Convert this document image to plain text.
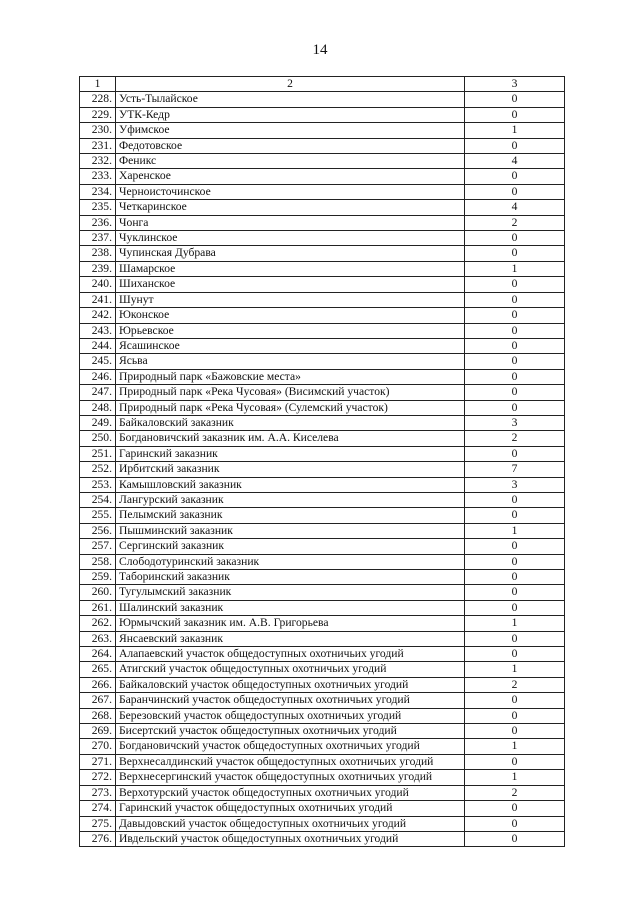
14
1	2	3
228.	Усть-Тылайское	0
229.	УТК-Кедр	0
230.	Уфимское	1
231.	Федотовское	0
232.	Феникс	4
233.	Харенское	0
234.	Черноисточинское	0
235.	Четкаринское	4
236.	Чонга	2
237.	Чуклинское	0
238.	Чупинская Дубрава	0
239.	Шамарское	1
240.	Шиханское	0
241.	Шунут	0
242.	Юконское	0
243.	Юрьевское	0
244.	Ясашинское	0
245.	Ясьва	0
246.	Природный парк «Бажовские места»	0
247.	Природный парк «Река Чусовая» (Висимский участок)	0
248.	Природный парк «Река Чусовая» (Сулемский участок)	0
249.	Байкаловский заказник	3
250.	Богдановичский заказник им. А.А. Киселева	2
251.	Гаринский заказник	0
252.	Ирбитский заказник	7
253.	Камышловский заказник	3
254.	Лангурский заказник	0
255.	Пелымский заказник	0
256.	Пышминский заказник	1
257.	Сергинский заказник	0
258.	Слободотуринский заказник	0
259.	Таборинский заказник	0
260.	Тугулымский заказник	0
261.	Шалинский заказник	0
262.	Юрмычский заказник им. А.В. Григорьева	1
263.	Янсаевский заказник	0
264.	Алапаевский участок общедоступных охотничьих угодий	0
265.	Атигский участок общедоступных охотничьих угодий	1
266.	Байкаловский участок общедоступных охотничьих угодий	2
267.	Баранчинский участок общедоступных охотничьих угодий	0
268.	Березовский участок общедоступных охотничьих угодий	0
269.	Бисертский участок общедоступных охотничьих угодий	0
270.	Богдановичский участок общедоступных охотничьих угодий	1
271.	Верхнесалдинский участок общедоступных охотничьих угодий	0
272.	Верхнесергинский участок общедоступных охотничьих угодий	1
273.	Верхотурский участок общедоступных охотничьих угодий	2
274.	Гаринский участок общедоступных охотничьих угодий	0
275.	Давыдовский участок общедоступных охотничьих угодий	0
276.	Ивдельский участок общедоступных охотничьих угодий	0
